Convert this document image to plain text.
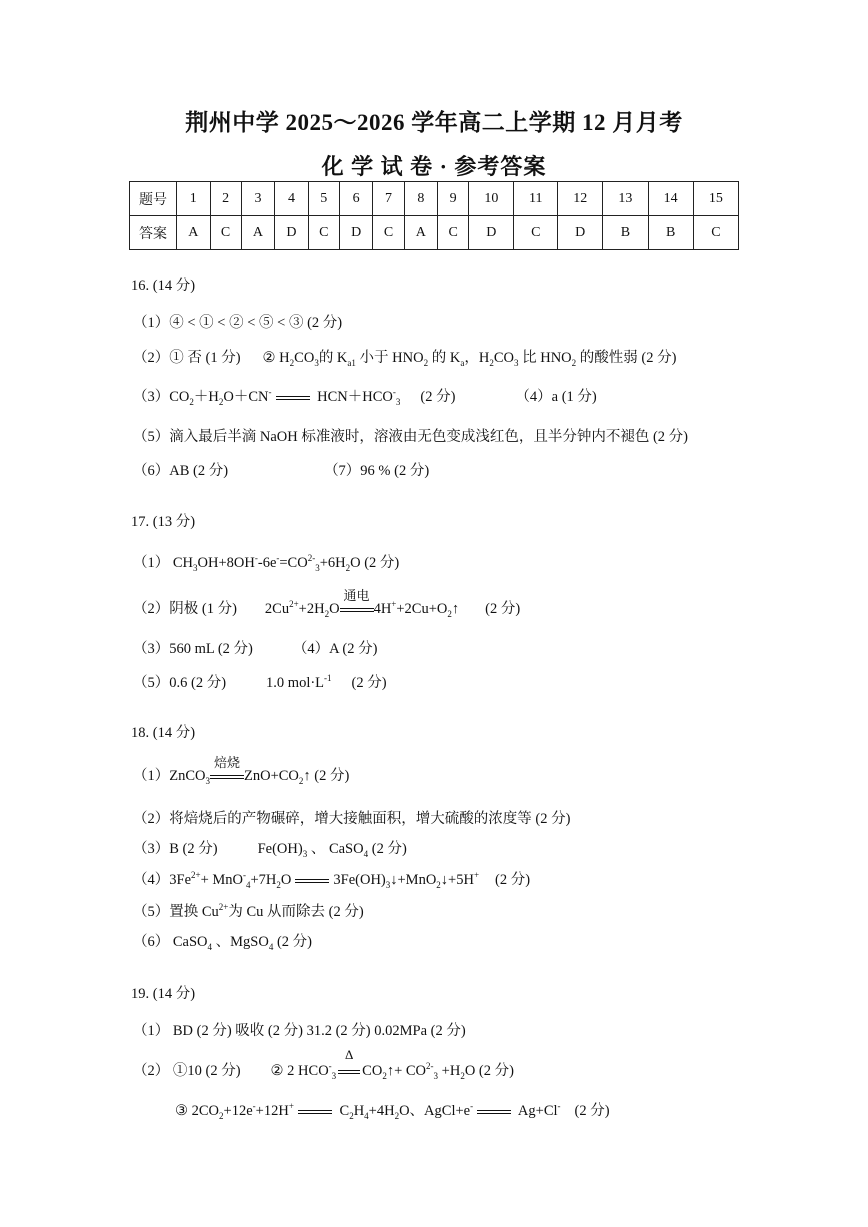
荆州中学 2025～2026 学年高二上学期 12 月月考
化 学 试 卷 · 参考答案
题号	1	2	3	4	5	6	7	8	9	10	11	12	13	14	15
答案	A	C	A	D	C	D	C	A	C	D	C	D	B	B	C
16. (14 分)
（1）④ < ① < ② < ⑤ < ③ (2 分)
（2）① 否 (1 分) ② $H_2CO_3$的 $K_{a1}$ 小于 $HNO_2$ 的 $K_a$，$H_2CO_3$ 比 $HNO_2$ 的酸性弱 (2 分)
$(3)CO_2+H_2O+CN^-$	$HCN+HCO^-_3$ (2 分)	（4）a (1 分)
（5）滴入最后半滴 NaOH 标准液时，溶液由无色变成浅红色，且半分钟内不褪色 (2 分)
（6）AB (2 分)	（7）96 % (2 分)
17. (13 分)
（1） $CH_3OH+8OH^--6e^-=CO^{2-}_3+6H_2O$ (2 分)
（2）阴极 (1 分) $2Cu^{2+}+2H_2O$
通电
$4H^++2Cu+O_2↑$ (2 分)
（3）560 mL (2 分)	（4）A (2 分)
（5）0.6 (2 分)	1.0 $mol\cdot L^{-1}$ (2 分)
18. (14 分)
（1）ZnCO$_3$
焙烧
$ZnO+CO_2↑$ (2 分)
（2）将焙烧后的产物碾碎，增大接触面积，增大硫酸的浓度等 (2 分)
（3）B (2 分)	$Fe(OH)_3$ 、 CaSO$_4$ (2 分)
$(4)3Fe^{2+}+ MnO^-_4+7H_2O$	$3Fe(OH)_3↓+MnO_2↓+5H^+$ (2 分)
（5）置换 $Cu^{2+}$为 Cu 从而除去 (2 分)
（6） CaSO$_4$ 、MgSO$_4$ (2 分)
19. (14 分)
（1） BD (2 分) 吸收 (2 分) 31.2 (2 分) 0.02MPa (2 分)
（2） ①10 (2 分) ② 2 $HCO^-_3$
Δ
$CO_2↑+ CO^{2-}_3 +H_2O$ (2 分)
③ $2CO_2+12e^-+12H^+$	$C_2H_4+4H_2O$、AgCl+e-	Ag+Cl- (2 分)
